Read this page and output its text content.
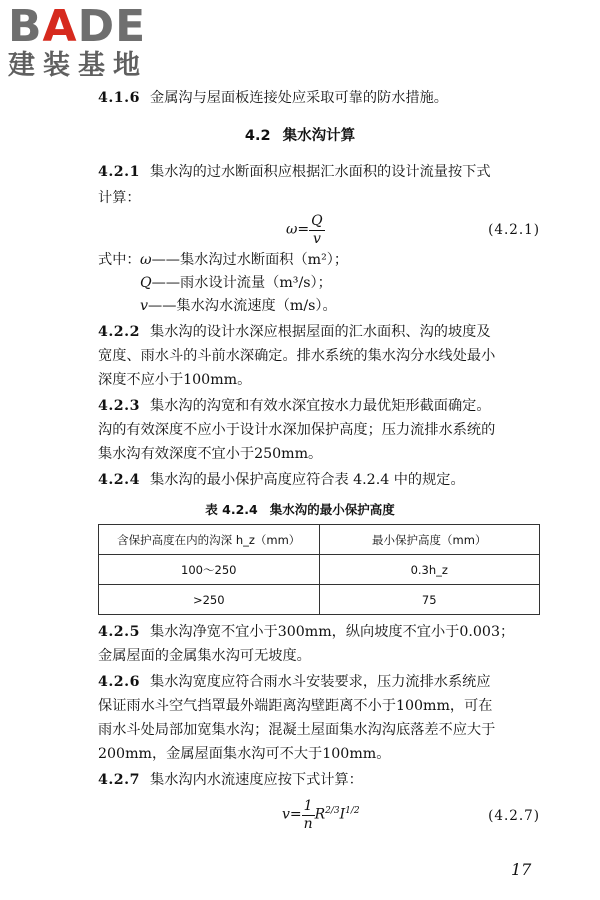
BADE
建装基地
4.1.6 金属沟与屋面板连接处应采取可靠的防水措施。
4.2 集水沟计算
4.2.1 集水沟的过水断面积应根据汇水面积的设计流量按下式
计算：
$\omega= \frac{Q}{v}$	(4.2.1)
式中： ω——集水沟过水断面积（m²）；
Q——雨水设计流量（m³/s）；
v——集水沟水流速度（m/s）。
4.2.2 集水沟的设计水深应根据屋面的汇水面积、沟的坡度及
宽度、雨水斗的斗前水深确定。排水系统的集水沟分水线处最小
深度不应小于100mm。
4.2.3 集水沟的沟宽和有效水深宜按水力最优矩形截面确定。
沟的有效深度不应小于设计水深加保护高度；压力流排水系统的
集水沟有效深度不宜小于250mm。
4.2.4 集水沟的最小保护高度应符合表 4.2.4 中的规定。
表 4.2.4 集水沟的最小保护高度
含保护高度在内的沟深 h_z（mm）	最小保护高度（mm）
100～250	0.3h_z
>250	75
4.2.5 集水沟净宽不宜小于300mm，纵向坡度不宜小于0.003；
金属屋面的金属集水沟可无坡度。
4.2.6 集水沟宽度应符合雨水斗安装要求，压力流排水系统应
保证雨水斗空气挡罩最外端距离沟壁距离不小于100mm，可在
雨水斗处局部加宽集水沟；混凝土屋面集水沟沟底落差不应大于
200mm，金属屋面集水沟可不大于100mm。
4.2.7 集水沟内水流速度应按下式计算：
$v= \frac{1}{n} R^{2/3}I^{1/2}$	(4.2.7)
17
